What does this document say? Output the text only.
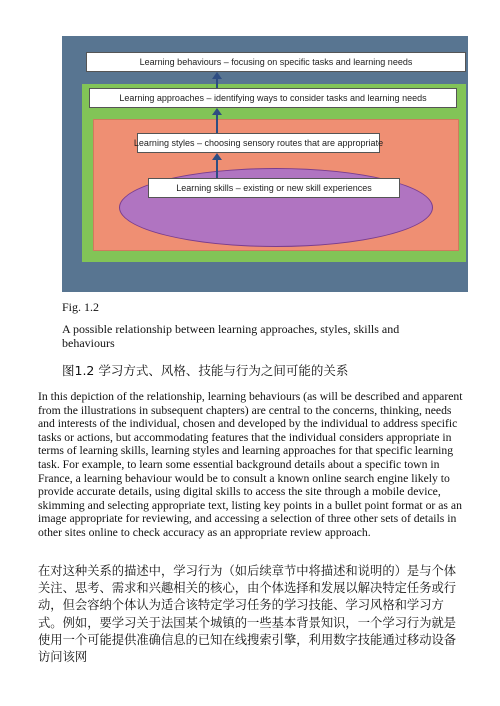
Learning behaviours – focusing on specific tasks and learning needs
Learning approaches – identifying ways to consider tasks and learning needs
Learning styles – choosing sensory routes that are appropriate
Learning skills – existing or new skill experiences
Fig. 1.2
A possible relationship between learning approaches, styles, skills and behaviours
图1.2 学习方式、风格、技能与行为之间可能的关系
In this depiction of the relationship, learning behaviours (as will be described and apparent from the illustrations in subsequent chapters) are central to the concerns, thinking, needs and interests of the individual, chosen and developed by the individual to address specific tasks or actions, but accommodating features that the individual considers appropriate in terms of learning skills, learning styles and learning approaches for that specific learning task. For example, to learn some essential background details about a specific town in France, a learning behaviour would be to consult a known online search engine likely to provide accurate details, using digital skills to access the site through a mobile device, skimming and selecting appropriate text, listing key points in a bullet point format or as an image appropriate for reviewing, and accessing a selection of three other sets of details in other sites online to check accuracy as an appropriate review approach.
在对这种关系的描述中，学习行为（如后续章节中将描述和说明的）是与个体关注、思考、需求和兴趣相关的核心，由个体选择和发展以解决特定任务或行动，但会容纳个体认为适合该特定学习任务的学习技能、学习风格和学习方式。例如，要学习关于法国某个城镇的一些基本背景知识，一个学习行为就是使用一个可能提供准确信息的已知在线搜索引擎，利用数字技能通过移动设备访问该网
